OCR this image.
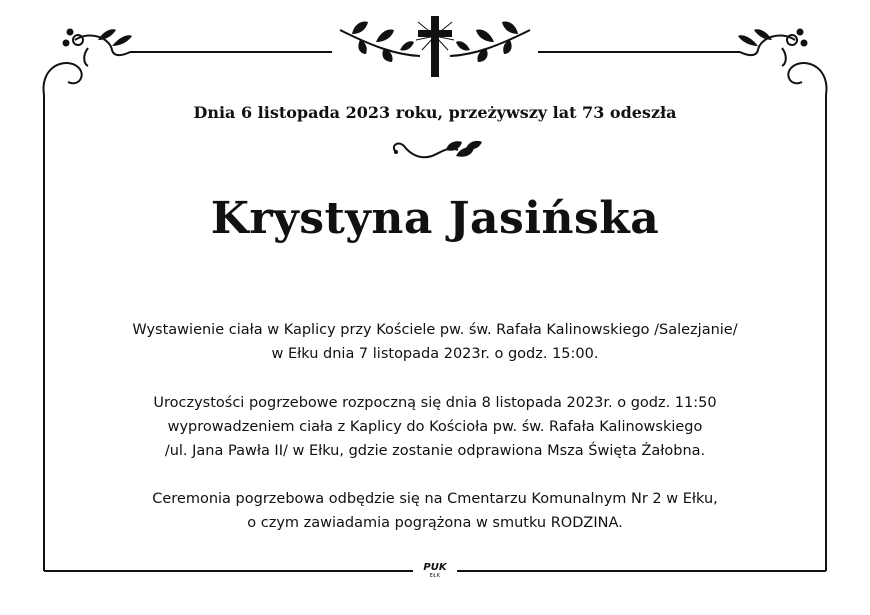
Dnia 6 listopada 2023 roku, przeżywszy lat 73 odeszła
Krystyna Jasińska
Wystawienie ciała w Kaplicy przy Kościele pw. św. Rafała Kalinowskiego /Salezjanie/
w Ełku dnia 7 listopada 2023r. o godz. 15:00.
Uroczystości pogrzebowe rozpoczną się dnia 8 listopada 2023r. o godz. 11:50
wyprowadzeniem ciała z Kaplicy do Kościoła pw. św. Rafała Kalinowskiego
/ul. Jana Pawła II/ w Ełku, gdzie zostanie odprawiona Msza Święta Żałobna.
Ceremonia pogrzebowa odbędzie się na Cmentarzu Komunalnym Nr 2 w Ełku,
o czym zawiadamia pogrążona w smutku RODZINA.
PUK
EŁK
